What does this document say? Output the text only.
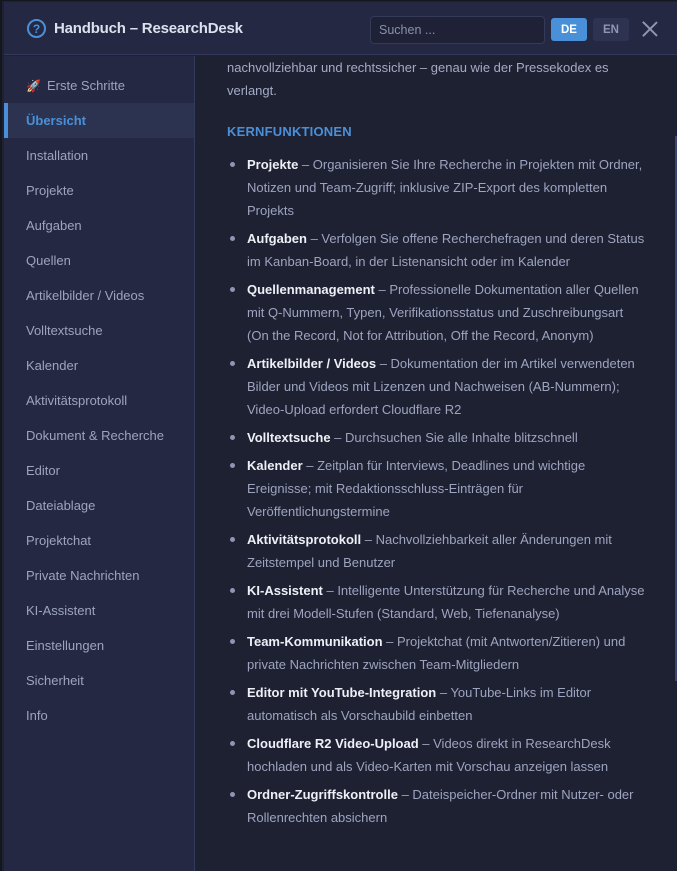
? Handbuch – ResearchDesk
Suchen ...	DE	EN
🚀 Erste Schritte
Übersicht
Installation
Projekte
Aufgaben
Quellen
Artikelbilder / Videos
Volltextsuche
Kalender
Aktivitätsprotokoll
Dokument & Recherche
Editor
Dateiablage
Projektchat
Private Nachrichten
KI-Assistent
Einstellungen
Sicherheit
Info

nachvollziehbar und rechtssicher – genau wie der Pressekodex es verlangt.

KERNFUNKTIONEN
Projekte – Organisieren Sie Ihre Recherche in Projekten mit Ordner, Notizen und Team-Zugriff; inklusive ZIP-Export des kompletten Projekts
Aufgaben – Verfolgen Sie offene Recherchefragen und deren Status im Kanban-Board, in der Listenansicht oder im Kalender
Quellenmanagement – Professionelle Dokumentation aller Quellen mit Q-Nummern, Typen, Verifikationsstatus und Zuschreibungsart (On the Record, Not for Attribution, Off the Record, Anonym)
Artikelbilder / Videos – Dokumentation der im Artikel verwendeten Bilder und Videos mit Lizenzen und Nachweisen (AB-Nummern); Video-Upload erfordert Cloudflare R2
Volltextsuche – Durchsuchen Sie alle Inhalte blitzschnell
Kalender – Zeitplan für Interviews, Deadlines und wichtige Ereignisse; mit Redaktionsschluss-Einträgen für Veröffentlichungstermine
Aktivitätsprotokoll – Nachvollziehbarkeit aller Änderungen mit Zeitstempel und Benutzer
KI-Assistent – Intelligente Unterstützung für Recherche und Analyse mit drei Modell-Stufen (Standard, Web, Tiefenanalyse)
Team-Kommunikation – Projektchat (mit Antworten/Zitieren) und private Nachrichten zwischen Team-Mitgliedern
Editor mit YouTube-Integration – YouTube-Links im Editor automatisch als Vorschaubild einbetten
Cloudflare R2 Video-Upload – Videos direkt in ResearchDesk hochladen und als Video-Karten mit Vorschau anzeigen lassen
Ordner-Zugriffskontrolle – Dateispeicher-Ordner mit Nutzer- oder Rollenrechten absichern
